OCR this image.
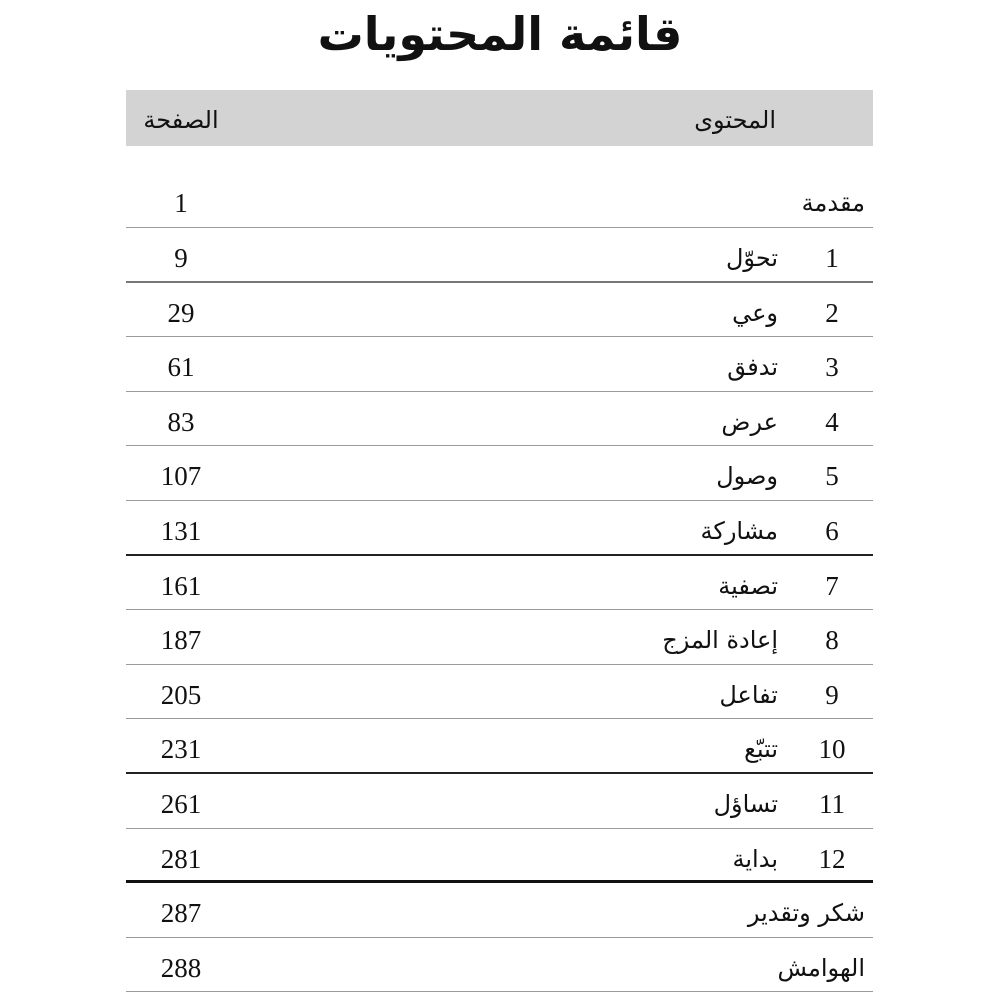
قائمة المحتويات
المحتوى
الصفحة
مقدمة
1
1
تحوّل
9
2
وعي
29
3
تدفق
61
4
عرض
83
5
وصول
107
6
مشاركة
131
7
تصفية
161
8
إعادة المزج
187
9
تفاعل
205
10
تتبّع
231
11
تساؤل
261
12
بداية
281
شكر وتقدير
287
الهوامش
288
